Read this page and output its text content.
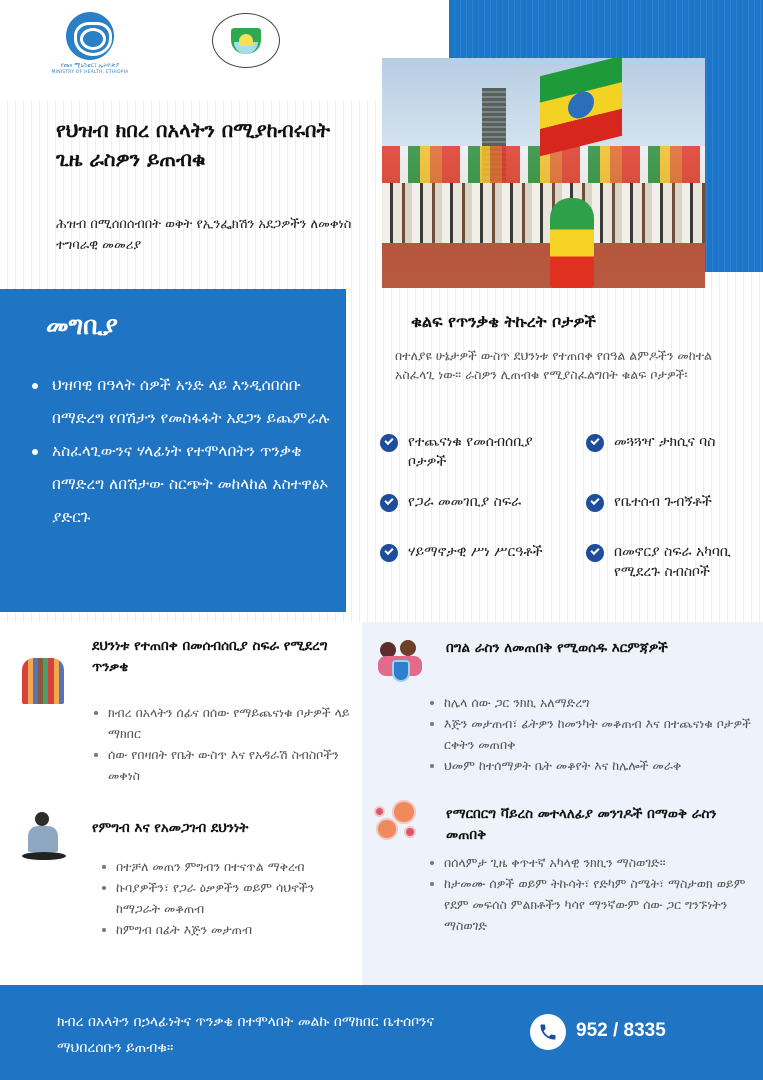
የጤና ሚኒስቴር፤ ኢትዮጵያ
MINISTRY OF HEALTH, ETHIOPIA
የህዝብ ክበረ በአላትን በሚያከብሩበት ጊዜ ራስዎን ይጠብቁ

ሕዝብ በሚሰበሰብበት ወቅት የኢንፌክሽን አደጋዎችን ለመቀነስ ተግባራዊ መመሪያ

መግቢያ
ህዝባዊ በዓላት ሰዎች አንድ ላይ እንዲሰበሰቡ በማድረግ የበሽታን የመስፋፋት አደጋን ይጨምራሉ
አስፈላጊውንና ሃላፊነት የተሞላበትን ጥንቃቄ በማድረግ ለበሽታው ስርጭት መከላከል አስተዋፅኦ ያድርጉ
ቁልፍ የጥንቃቄ ትኩረት ቦታዎች

በተለያዩ ሁኔታዎች ውስጥ ደህንነቱ የተጠበቀ የበዓል ልምዶችን መከተል አስፈላጊ ነው። ራስዎን ሊጠብቁ የሚያስፈልግበት ቁልፍ ቦታዎች፡

የተጨናነቁ የመሰብሰቢያ ቦታዎች
መጓጓዣ ታክሲና ባስ
የጋራ መመገቢያ ስፍራ	የቤተሰብ ጉብኝቶች
ሃይማኖታዊ ሥነ ሥርዓቶች	በመኖርያ ስፍራ አካባቢ የሚደረጉ ስብስቦች
ደህንነቱ የተጠበቀ በመሰብሰቢያ ስፍራ የሚደረግ ጥንቃቄ
ክብረ በአላትን ሰፊና በሰው የማይጨናነቁ ቦታዎች ላይ ማክበር
ሰው የበዛበት የቤት ውስጥ እና የአዳራሽ ስብስቦችን መቀነስ
የምግብ እና የአመጋገብ ደህንነት
በተቻለ መጠን ምግብን በተናጥል ማቅረብ
ኩባያዎችን፣ የጋራ ዕቃዎችን ወይም ሳህኖችን ከማጋራት መቆጠብ
ከምግብ በፊት እጅን መታጠብ
በግል ራስን ለመጠበቅ የሚወሰዱ እርምጃዎች
ከሌላ ሰው ጋር ንክኪ አለማድረግ
እጅን መታጠብ፣ ፊትዎን ከመንካት መቆጠብ እና በተጨናነቁ ቦታዎች ርቀትን መጠበቅ
ህመም ከተሰማዎት ቤት መቆየት እና ከሌሎች መራቅ
የማርበርግ ቫይረስ መተላለፊያ መንገዶች በማወቅ ራስን መጠበቅ
በሰላምታ ጊዜ ቀጥተኛ አካላዊ ንክኪን ማስወገድ።
ከታመሙ ሰዎች ወይም ትኩሳት፣ የድካም ስሜት፣ ማስታወክ ወይም የደም መፍሰስ ምልክቶችን ካሳየ ማንኛውም ሰው ጋር ግንኙነትን ማስወገድ

ክብረ በአላትን በኃላፊነትና ጥንቃቄ በተሞላበት መልኩ በማክበር ቤተሰቦንና ማህበረሰቡን ይጠብቁ።

952 / 8335
